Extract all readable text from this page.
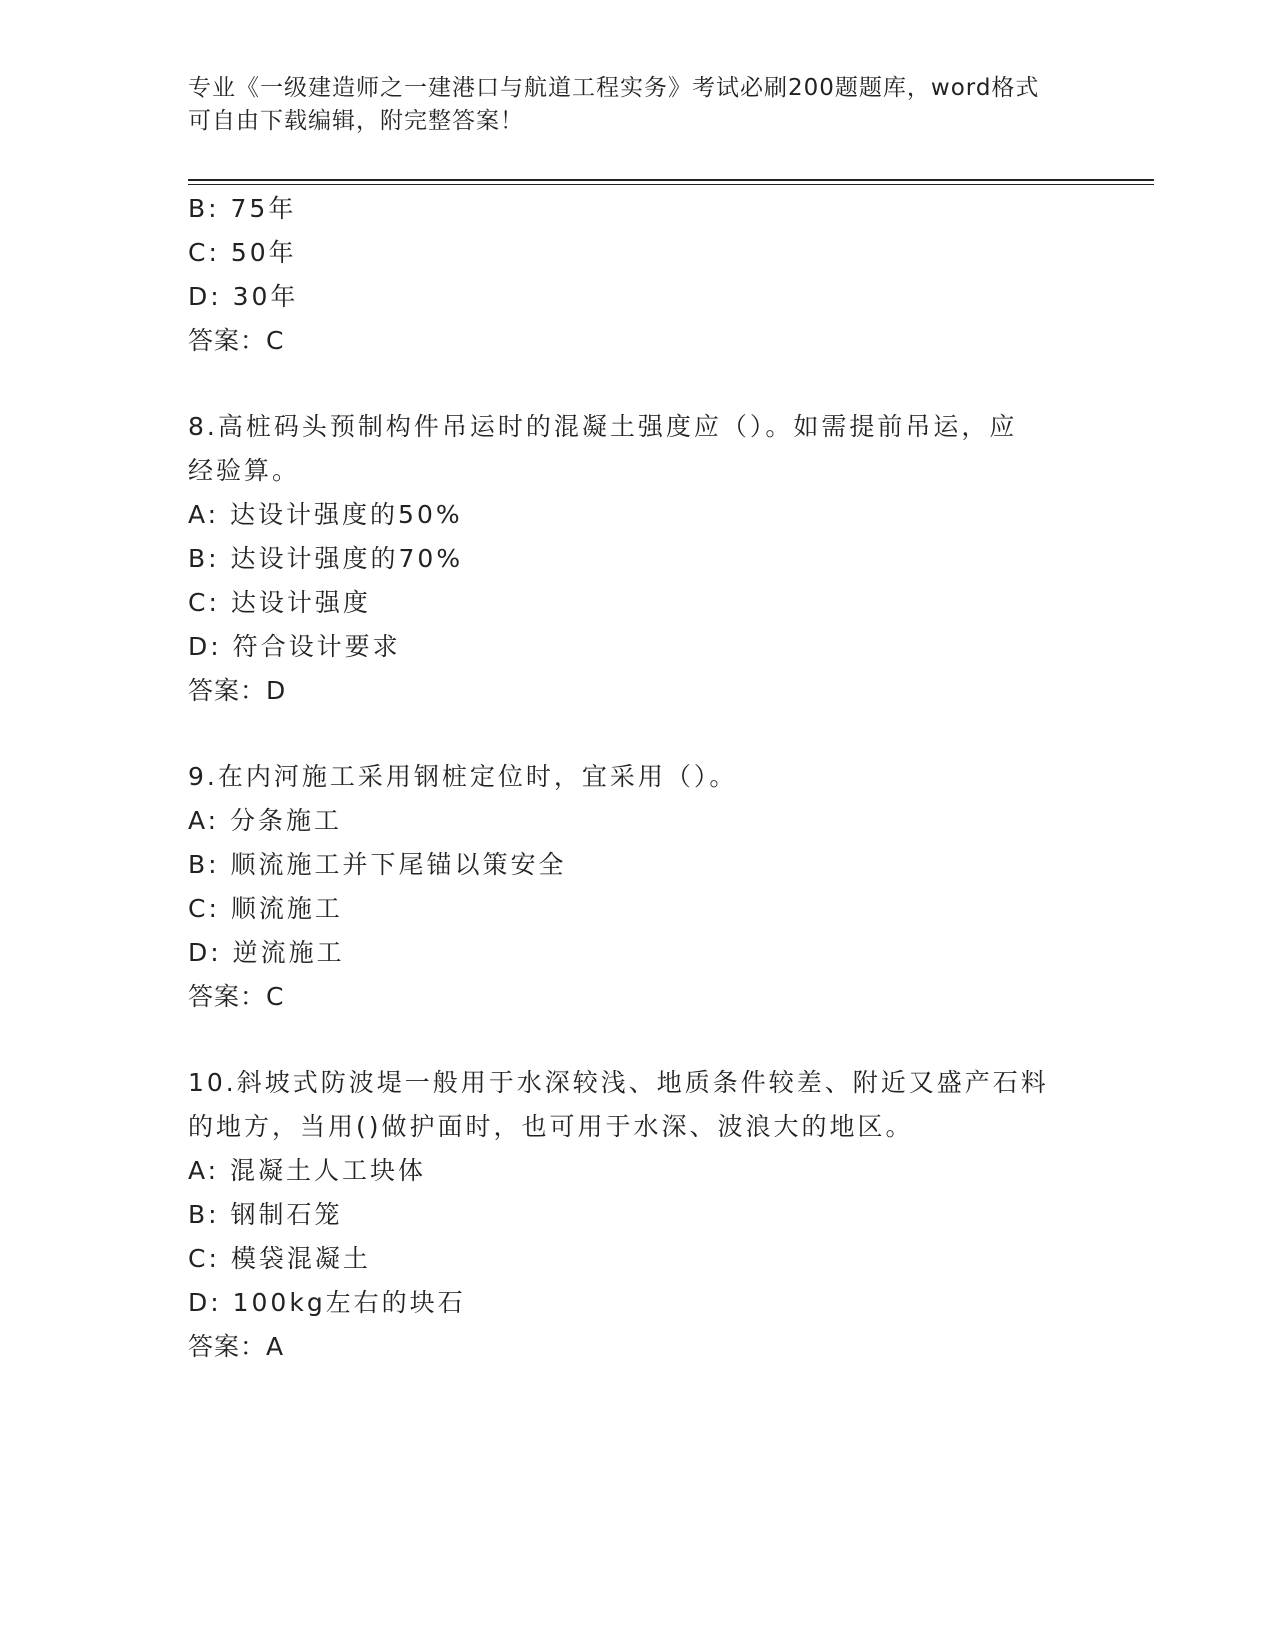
专业《一级建造师之一建港口与航道工程实务》考试必刷200题题库，word格式
可自由下载编辑，附完整答案！
B: 75年
C: 50年
D: 30年
答案：C
8.高桩码头预制构件吊运时的混凝土强度应（）。如需提前吊运，应
经验算。
A: 达设计强度的50%
B: 达设计强度的70%
C: 达设计强度
D: 符合设计要求
答案：D
9.在内河施工采用钢桩定位时，宜采用（）。
A: 分条施工
B: 顺流施工并下尾锚以策安全
C: 顺流施工
D: 逆流施工
答案：C
10.斜坡式防波堤一般用于水深较浅、地质条件较差、附近又盛产石料
的地方，当用()做护面时，也可用于水深、波浪大的地区。
A: 混凝土人工块体
B: 钢制石笼
C: 模袋混凝土
D: 100kg左右的块石
答案：A
